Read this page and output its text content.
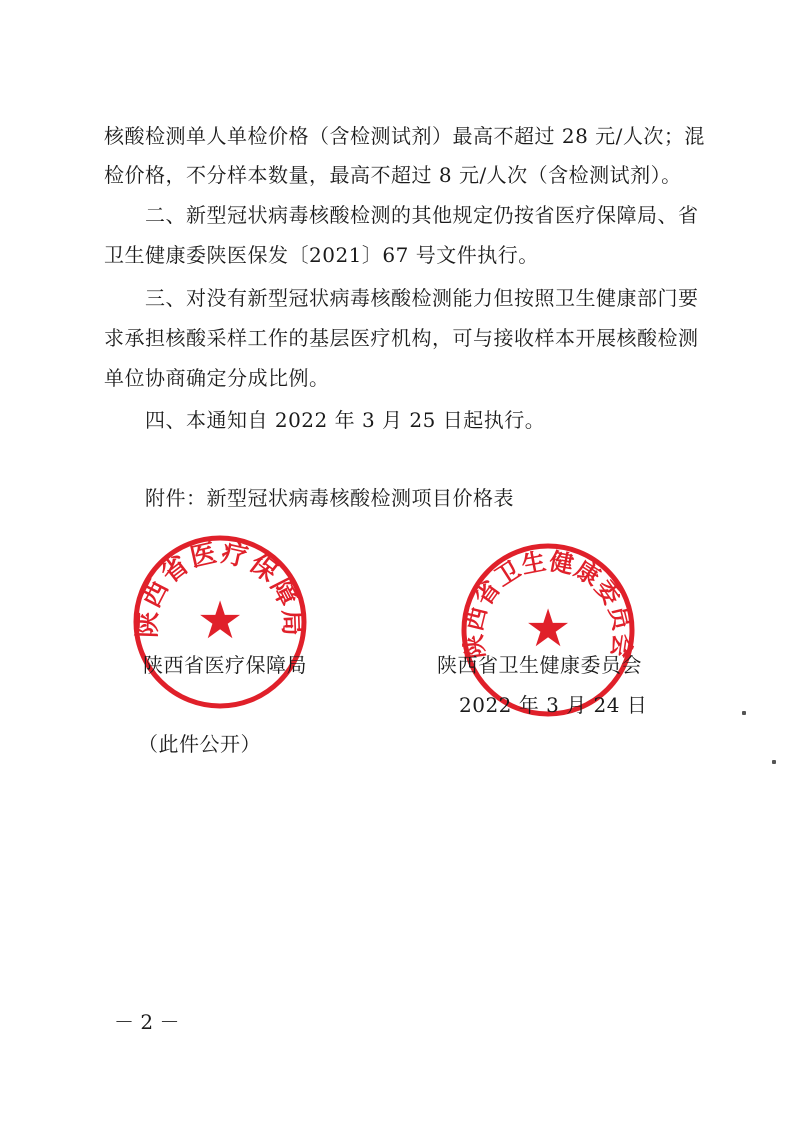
核酸检测单人单检价格（含检测试剂）最高不超过 28 元/人次；混
检价格，不分样本数量，最高不超过 8 元/人次（含检测试剂）。
二、新型冠状病毒核酸检测的其他规定仍按省医疗保障局、省
卫生健康委陕医保发〔2021〕67 号文件执行。
三、对没有新型冠状病毒核酸检测能力但按照卫生健康部门要
求承担核酸采样工作的基层医疗机构，可与接收样本开展核酸检测
单位协商确定分成比例。
四、本通知自 2022 年 3 月 25 日起执行。
附件：新型冠状病毒核酸检测项目价格表
陕西省医疗保障局
★	陕西省卫生健康委员会
★
陕西省医疗保障局	陕西省卫生健康委员会
2022 年 3 月 24 日
（此件公开）
－ 2 －
